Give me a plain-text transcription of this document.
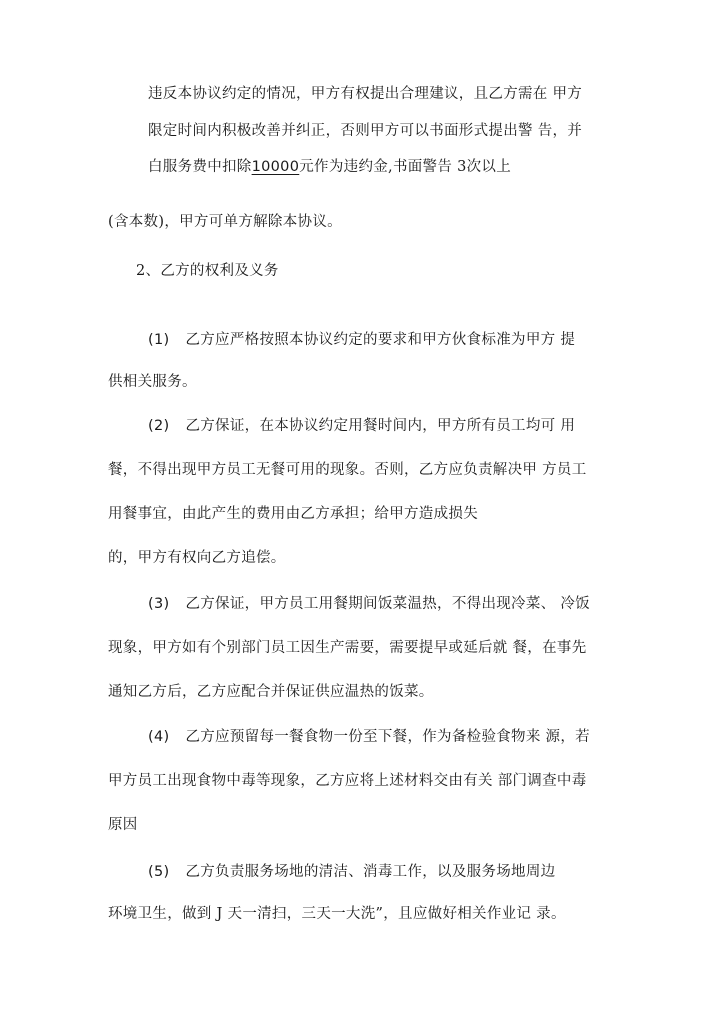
违反本协议约定的情况，甲方有权提出合理建议，且乙方需在 甲方
限定时间内积极改善并纠正，否则甲方可以书面形式提出警 告，并
白服务费中扣除10000元作为违约金,书面警告 3次以上
(含本数)，甲方可单方解除本协议。
2、乙方的权利及义务
(1) 乙方应严格按照本协议约定的要求和甲方伙食标准为甲方 提
供相关服务。
(2) 乙方保证，在本协议约定用餐时间内，甲方所有员工均可 用
餐，不得出现甲方员工无餐可用的现象。否则，乙方应负责解决甲 方员工
用餐事宜，由此产生的费用由乙方承担；给甲方造成损失
的，甲方有权向乙方追偿。
(3) 乙方保证，甲方员工用餐期间饭菜温热，不得出现冷菜、 冷饭
现象，甲方如有个别部门员工因生产需要，需要提早或延后就 餐，在事先
通知乙方后，乙方应配合并保证供应温热的饭菜。
(4) 乙方应预留每一餐食物一份至下餐，作为备检验食物来 源，若
甲方员工出现食物中毒等现象，乙方应将上述材料交由有关 部门调查中毒
原因
(5) 乙方负责服务场地的清洁、消毒工作，以及服务场地周边
环境卫生，做到 J 天一清扫，三天一大洗”，且应做好相关作业记 录。
